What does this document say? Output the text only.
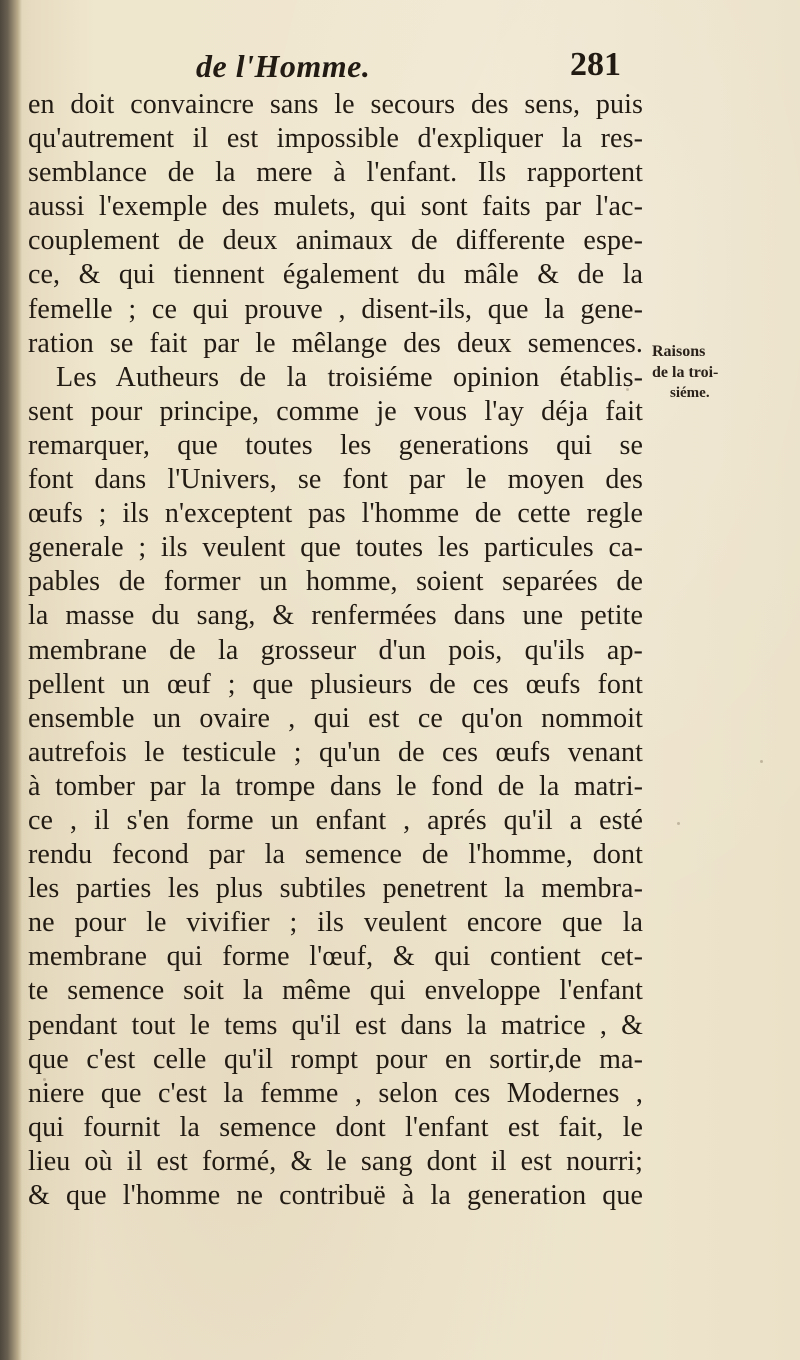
de l'Homme.	281
en doit convaincre sans le secours des sens, puis
qu'autrement il est impossible d'expliquer la res-
semblance de la mere à l'enfant. Ils rapportent
aussi l'exemple des mulets, qui sont faits par l'ac-
couplement de deux animaux de differente espe-
ce, & qui tiennent également du mâle & de la
femelle ; ce qui prouve , disent-ils, que la gene-
ration se fait par le mêlange des deux semences.
Les Autheurs de la troisiéme opinion établis-
sent pour principe, comme je vous l'ay déja fait
remarquer, que toutes les generations qui se
font dans l'Univers, se font par le moyen des
œufs ; ils n'exceptent pas l'homme de cette regle
generale ; ils veulent que toutes les particules ca-
pables de former un homme, soient separées de
la masse du sang, & renfermées dans une petite
membrane de la grosseur d'un pois, qu'ils ap-
pellent un œuf ; que plusieurs de ces œufs font
ensemble un ovaire , qui est ce qu'on nommoit
autrefois le testicule ; qu'un de ces œufs venant
à tomber par la trompe dans le fond de la matri-
ce , il s'en forme un enfant , aprés qu'il a esté
rendu fecond par la semence de l'homme, dont
les parties les plus subtiles penetrent la membra-
ne pour le vivifier ; ils veulent encore que la
membrane qui forme l'œuf, & qui contient cet-
te semence soit la même qui enveloppe l'enfant
pendant tout le tems qu'il est dans la matrice , &
que c'est celle qu'il rompt pour en sortir,de ma-
niere que c'est la femme , selon ces Modernes ,
qui fournit la semence dont l'enfant est fait, le
lieu où il est formé, & le sang dont il est nourri;
& que l'homme ne contribuë à la generation que
Raisons
de la troi-
siéme.
